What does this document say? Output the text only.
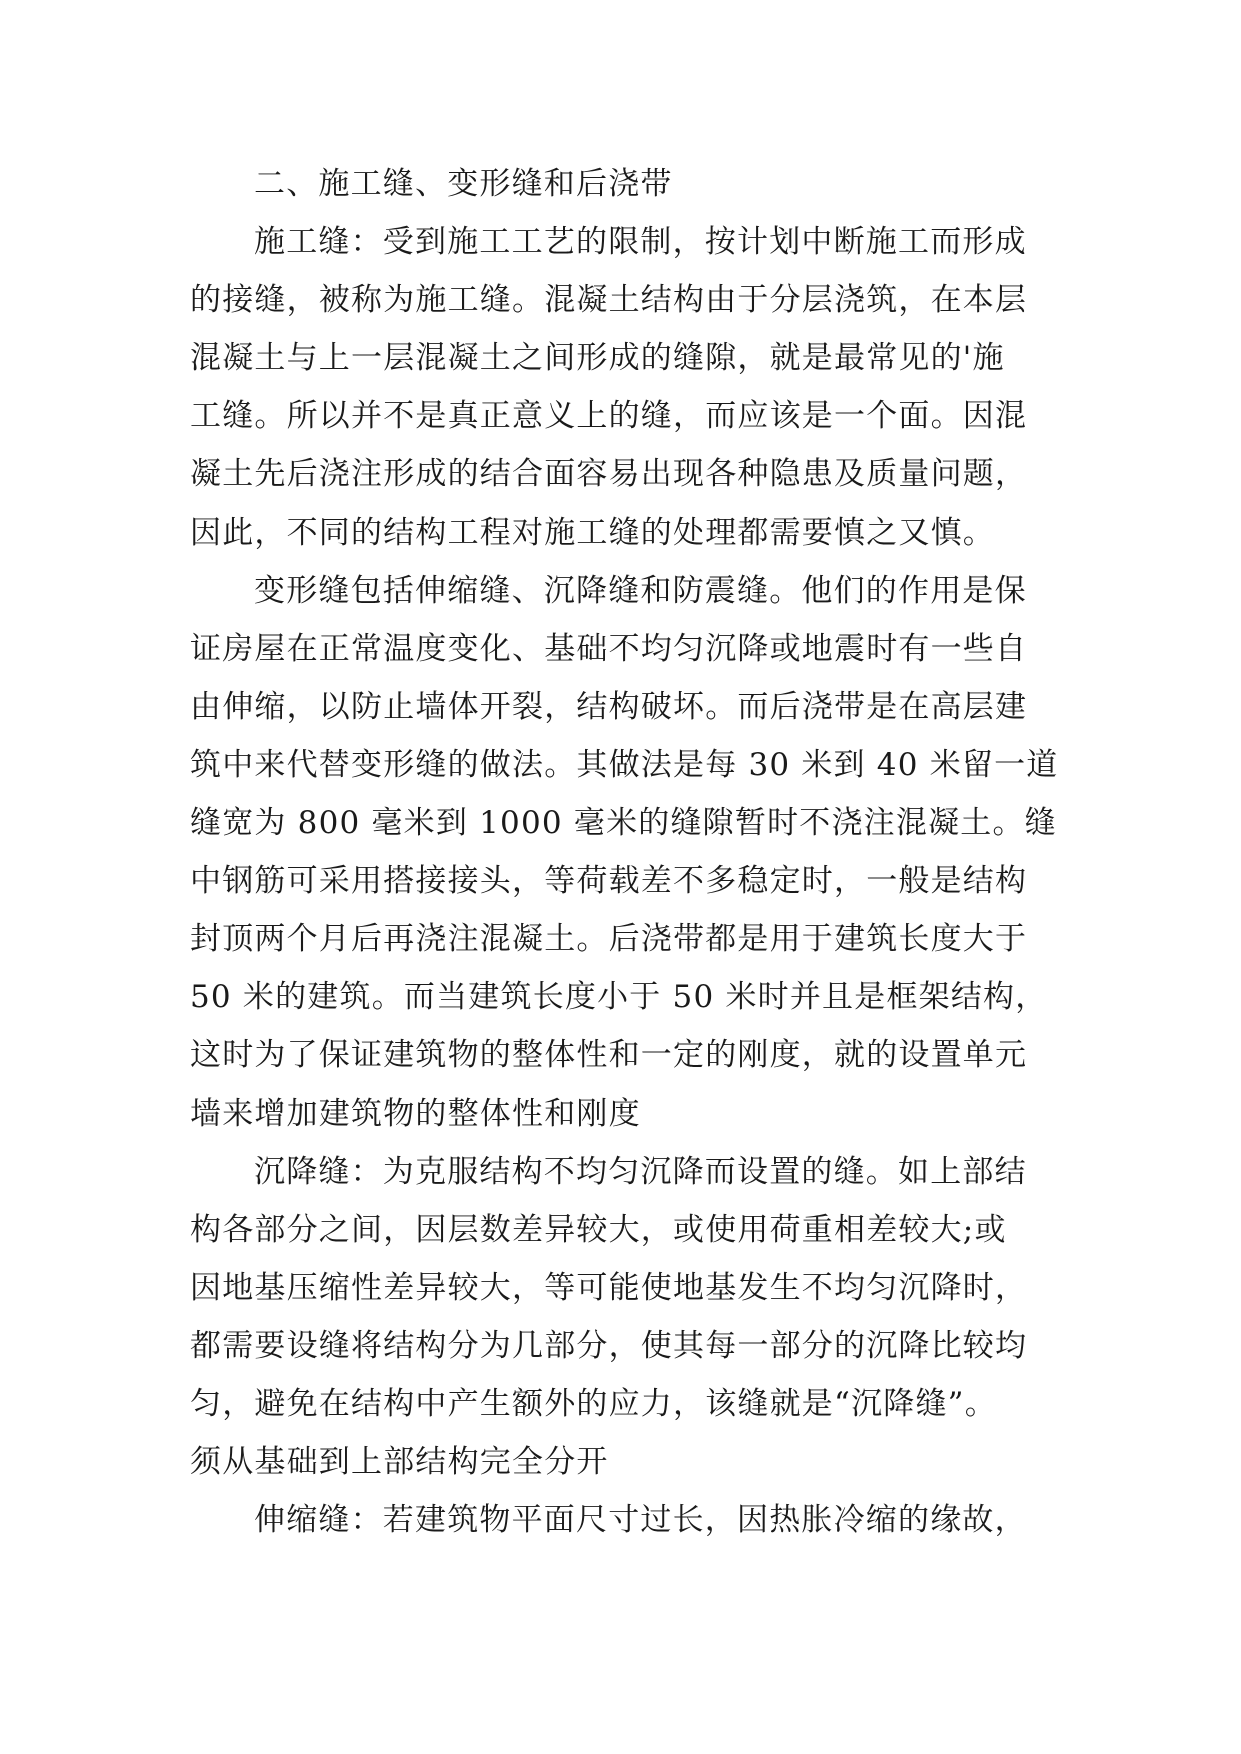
二、施工缝、变形缝和后浇带
施工缝：受到施工工艺的限制，按计划中断施工而形成
的接缝，被称为施工缝。混凝土结构由于分层浇筑，在本层
混凝土与上一层混凝土之间形成的缝隙，就是最常见的'施
工缝。所以并不是真正意义上的缝，而应该是一个面。因混
凝土先后浇注形成的结合面容易出现各种隐患及质量问题，
因此，不同的结构工程对施工缝的处理都需要慎之又慎。
变形缝包括伸缩缝、沉降缝和防震缝。他们的作用是保
证房屋在正常温度变化、基础不均匀沉降或地震时有一些自
由伸缩，以防止墙体开裂，结构破坏。而后浇带是在高层建
筑中来代替变形缝的做法。其做法是每 30 米到 40 米留一道
缝宽为 800 毫米到 1000 毫米的缝隙暂时不浇注混凝土。缝
中钢筋可采用搭接接头，等荷载差不多稳定时，一般是结构
封顶两个月后再浇注混凝土。后浇带都是用于建筑长度大于
50 米的建筑。而当建筑长度小于 50 米时并且是框架结构，
这时为了保证建筑物的整体性和一定的刚度，就的设置单元
墙来增加建筑物的整体性和刚度
沉降缝：为克服结构不均匀沉降而设置的缝。如上部结
构各部分之间，因层数差异较大，或使用荷重相差较大;或
因地基压缩性差异较大，等可能使地基发生不均匀沉降时，
都需要设缝将结构分为几部分，使其每一部分的沉降比较均
匀，避免在结构中产生额外的应力，该缝就是“沉降缝”。
须从基础到上部结构完全分开
伸缩缝：若建筑物平面尺寸过长，因热胀冷缩的缘故，
